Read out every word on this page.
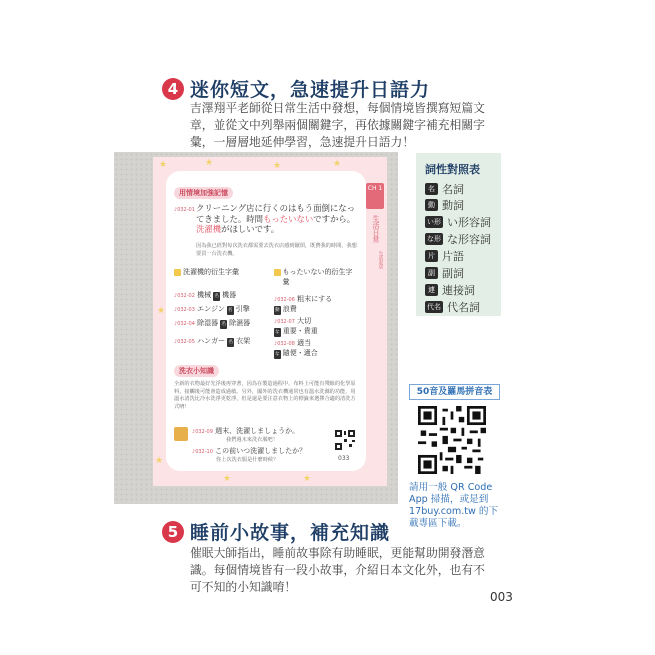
4 迷你短文，急速提升日語力
吉澤翔平老師從日常生活中發想，每個情境皆撰寫短篇文章，並從文中列舉兩個關鍵字，再依據關鍵字補充相關字彙，一層層地延伸學習，急速提升日語力！
★	★	★	★
★
★
★	★
用情境加強記憶
♪032-01 クリーニング店に行くのはもう面倒になってきました。時間もったいないですから。洗濯機がほしいです。
因為我已經對每次洗衣都需要去洗衣店感到厭煩，既費我的時間，我想要買一台洗衣機。
洗濯機的衍生字彙	もったいない的衍生字彙
♪032-02 機械 名 機器
♪032-03 エンジン 名 引擎
♪032-04 除湿器 名 除濕器
♪032-05 ハンガー 名 衣架
♪032-06 粗末にする
動 浪費
♪032-07 大切
な 重要・貴重
♪032-08 適当
な 隨便・適合
洗衣小知識
全新的衣物最好先浮後再穿著，因為在製造過程中，布料上可能有殘餘的化學原料，接觸後可能會造成過敏。另外，國外的洗衣機通常也有溫水洗滌的功能，用溫水清洗比冷水洗淨更乾淨，但是還是要注意衣物上的標籤來選擇合適的清洗方式唷！
♪032-09 週末、洗濯しましょうか。
我們週末來洗衣服吧！
♪032-10 この前いつ洗濯しましたか？
你上次洗衣服是什麼時候？	033
CH 1
生活日常
生活起居
詞性對照表
名 名詞
動 動詞
い形 い形容詞
な形 な形容詞
片 片語
副 副詞
連 連接詞
代名 代名詞
50音及羅馬拼音表
請用一般 QR Code App 掃描，或是到 17buy.com.tw 的下載專區下載。
5 睡前小故事，補充知識
催眠大師指出，睡前故事除有助睡眠，更能幫助開發潛意識。每個情境皆有一段小故事，介紹日本文化外，也有不可不知的小知識唷！
003
